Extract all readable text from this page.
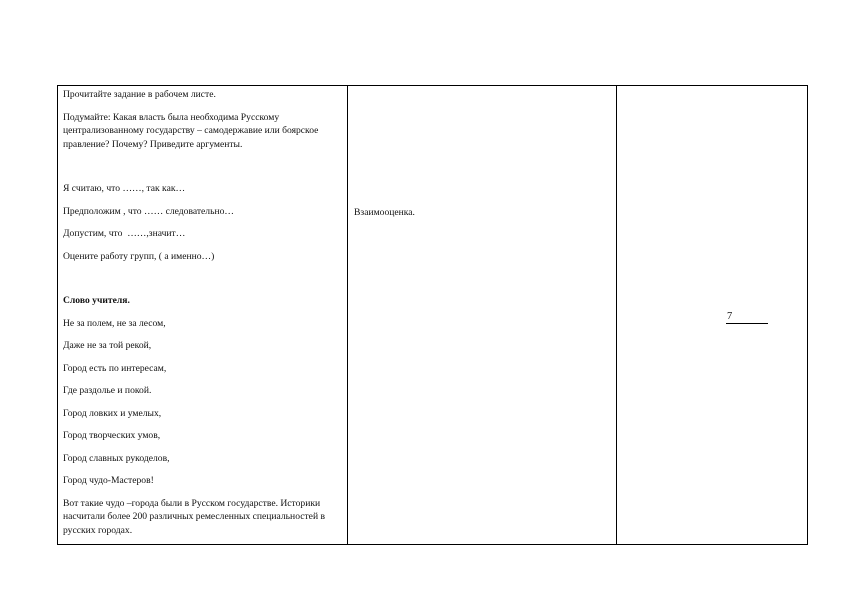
Прочитайте задание в рабочем листе.

Подумайте: Какая власть была необходима Русскому централизованному государству – самодержавие или боярское правление? Почему? Приведите аргументы.

Я считаю, что ……, так как…

Предположим , что …… следовательно…

Допустим, что  ……,значит…

Оцените работу групп, ( а именно…)

Слово учителя.

Не за полем, не за лесом,

Даже не за той рекой,

Город есть по интересам,

Где раздолье и покой.

Город ловких и умелых,

Город творческих умов,

Город славных рукоделов,

Город чудо-Мастеров!

Вот такие чудо –города были в Русском государстве. Историки насчитали более 200 различных ремесленных специальностей в русских городах.

Взаимооценка.

7
